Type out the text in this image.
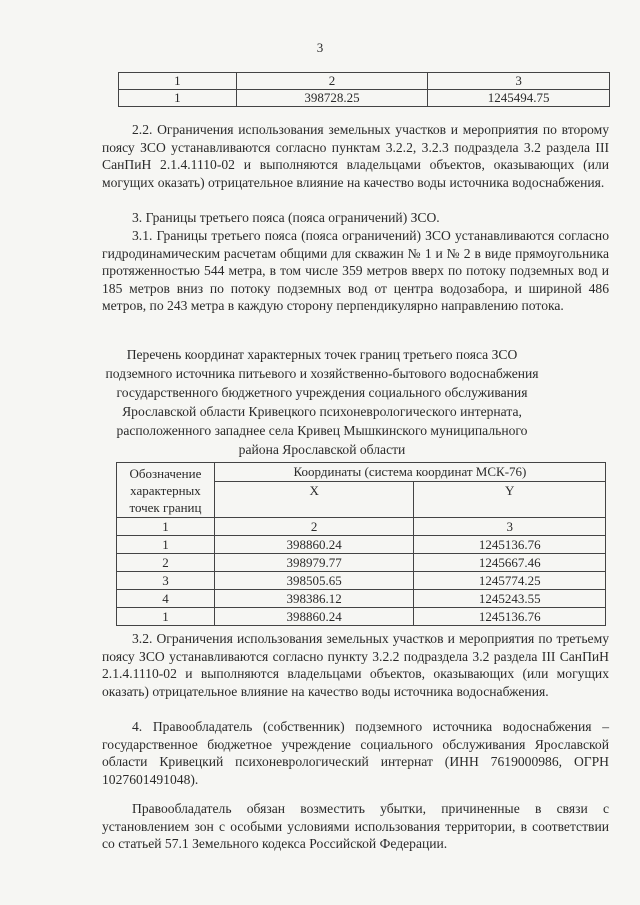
3
1	2	3
1	398728.25	1245494.75
2.2. Ограничения использования земельных участков и мероприятия по второму поясу ЗСО устанавливаются согласно пунктам 3.2.2, 3.2.3 подраздела 3.2 раздела III СанПиН 2.1.4.1110-02 и выполняются владельцами объектов, оказывающих (или могущих оказать) отрицательное влияние на качество воды источника водоснабжения.
3. Границы третьего пояса (пояса ограничений) ЗСО.
3.1. Границы третьего пояса (пояса ограничений) ЗСО устанавливаются согласно гидродинамическим расчетам общими для скважин № 1 и № 2 в виде прямоугольника протяженностью 544 метра, в том числе 359 метров вверх по потоку подземных вод и 185 метров вниз по потоку подземных вод от центра водозабора, и шириной 486 метров, по 243 метра в каждую сторону перпендикулярно направлению потока.
Перечень координат характерных точек границ третьего пояса ЗСО подземного источника питьевого и хозяйственно-бытового водоснабжения государственного бюджетного учреждения социального обслуживания Ярославской области Кривецкого психоневрологического интерната, расположенного западнее села Кривец Мышкинского муниципального района Ярославской области
Обозначение характерных точек границ	Координаты (система координат МСК-76)	
	X	Y
1	2	3
1	398860.24	1245136.76
2	398979.77	1245667.46
3	398505.65	1245774.25
4	398386.12	1245243.55
1	398860.24	1245136.76
3.2. Ограничения использования земельных участков и мероприятия по третьему поясу ЗСО устанавливаются согласно пункту 3.2.2 подраздела 3.2 раздела III СанПиН 2.1.4.1110-02 и выполняются владельцами объектов, оказывающих (или могущих оказать) отрицательное влияние на качество воды источника водоснабжения.
4. Правообладатель (собственник) подземного источника водоснабжения – государственное бюджетное учреждение социального обслуживания Ярославской области Кривецкий психоневрологический интернат (ИНН 7619000986, ОГРН 1027601491048).
Правообладатель обязан возместить убытки, причиненные в связи с установлением зон с особыми условиями использования территории, в соответствии со статьей 57.1 Земельного кодекса Российской Федерации.
